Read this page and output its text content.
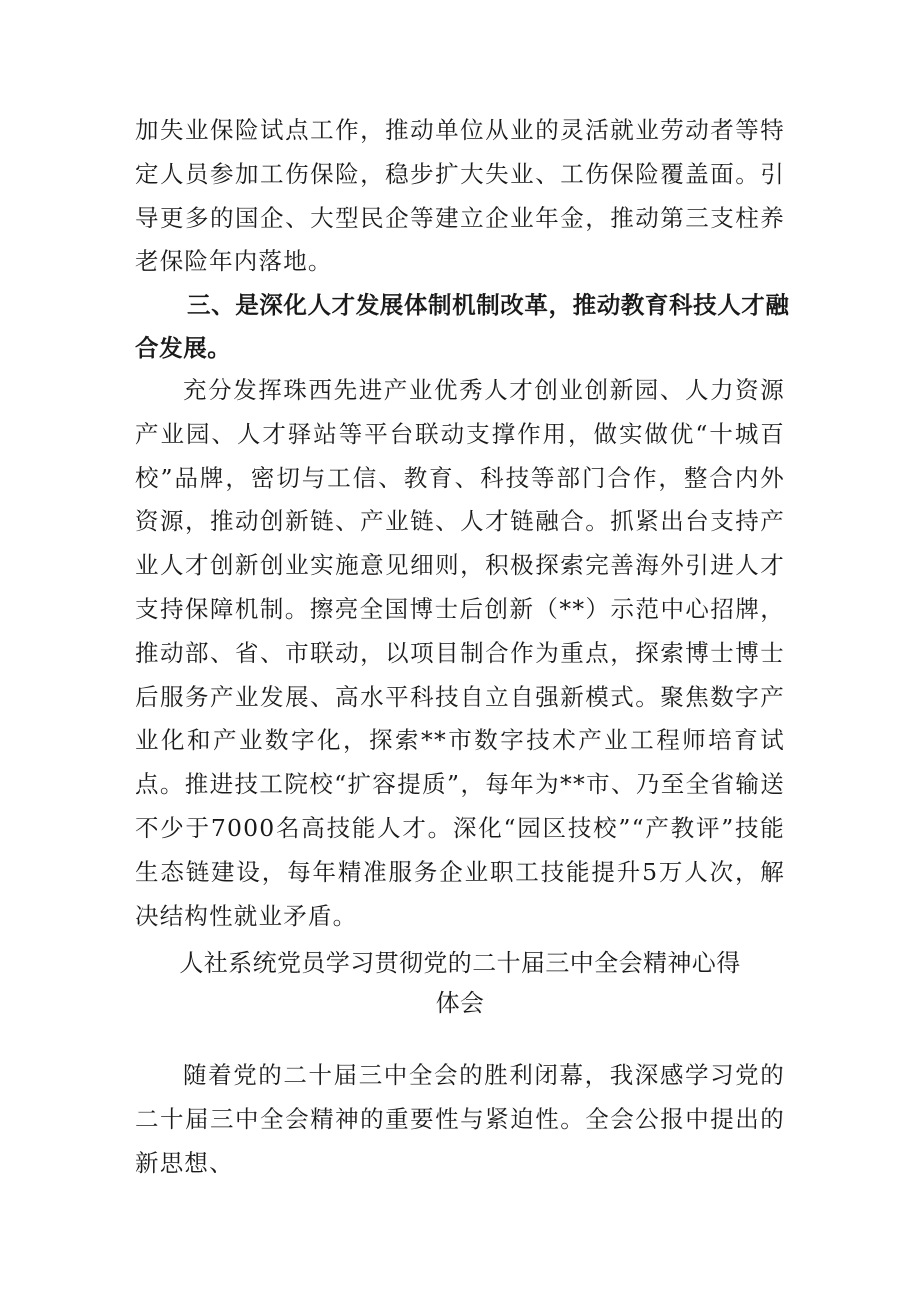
加失业保险试点工作，推动单位从业的灵活就业劳动者等特定人员参加工伤保险，稳步扩大失业、工伤保险覆盖面。引导更多的国企、大型民企等建立企业年金，推动第三支柱养老保险年内落地。

三、是深化人才发展体制机制改革，推动教育科技人才融合发展。

充分发挥珠西先进产业优秀人才创业创新园、人力资源产业园、人才驿站等平台联动支撑作用，做实做优“十城百校”品牌，密切与工信、教育、科技等部门合作，整合内外资源，推动创新链、产业链、人才链融合。抓紧出台支持产业人才创新创业实施意见细则，积极探索完善海外引进人才支持保障机制。擦亮全国博士后创新（**）示范中心招牌，推动部、省、市联动，以项目制合作为重点，探索博士博士后服务产业发展、高水平科技自立自强新模式。聚焦数字产业化和产业数字化，探索**市数字技术产业工程师培育试点。推进技工院校“扩容提质”，每年为**市、乃至全省输送不少于7000名高技能人才。深化“园区技校”“产教评”技能生态链建设，每年精准服务企业职工技能提升5万人次，解决结构性就业矛盾。

人社系统党员学习贯彻党的二十届三中全会精神心得

体会

随着党的二十届三中全会的胜利闭幕，我深感学习党的二十届三中全会精神的重要性与紧迫性。全会公报中提出的新思想、
